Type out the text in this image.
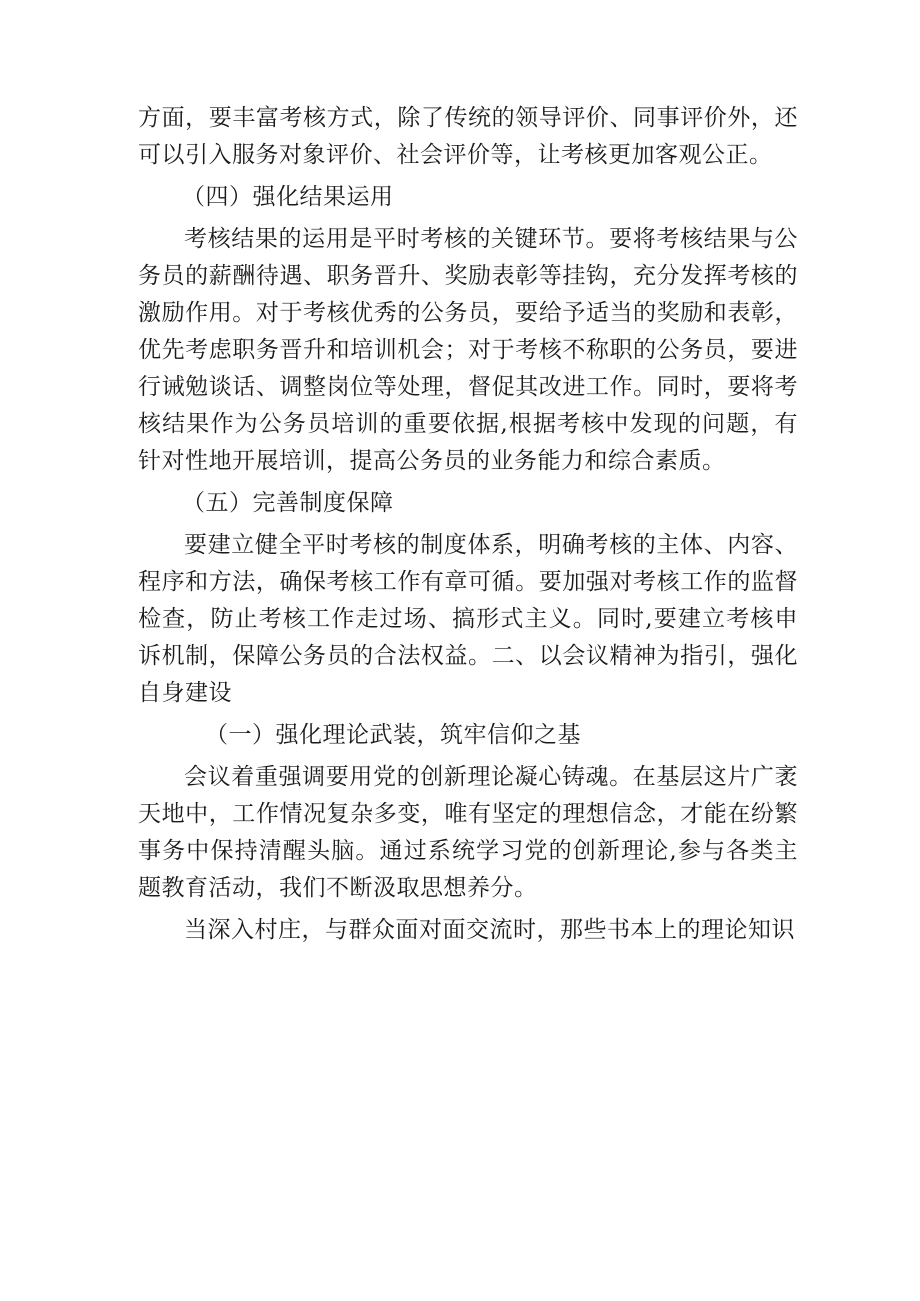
方面，要丰富考核方式，除了传统的领导评价、同事评价外，还可以引入服务对象评价、社会评价等，让考核更加客观公正。

（四）强化结果运用

考核结果的运用是平时考核的关键环节。要将考核结果与公务员的薪酬待遇、职务晋升、奖励表彰等挂钩，充分发挥考核的激励作用。对于考核优秀的公务员，要给予适当的奖励和表彰，优先考虑职务晋升和培训机会；对于考核不称职的公务员，要进行诫勉谈话、调整岗位等处理，督促其改进工作。同时，要将考核结果作为公务员培训的重要依据,根据考核中发现的问题，有针对性地开展培训，提高公务员的业务能力和综合素质。

（五）完善制度保障

要建立健全平时考核的制度体系，明确考核的主体、内容、程序和方法，确保考核工作有章可循。要加强对考核工作的监督检查，防止考核工作走过场、搞形式主义。同时,要建立考核申诉机制，保障公务员的合法权益。二、以会议精神为指引，强化自身建设

（一）强化理论武装，筑牢信仰之基

会议着重强调要用党的创新理论凝心铸魂。在基层这片广袤天地中，工作情况复杂多变，唯有坚定的理想信念，才能在纷繁事务中保持清醒头脑。通过系统学习党的创新理论,参与各类主题教育活动，我们不断汲取思想养分。

当深入村庄，与群众面对面交流时，那些书本上的理论知识
